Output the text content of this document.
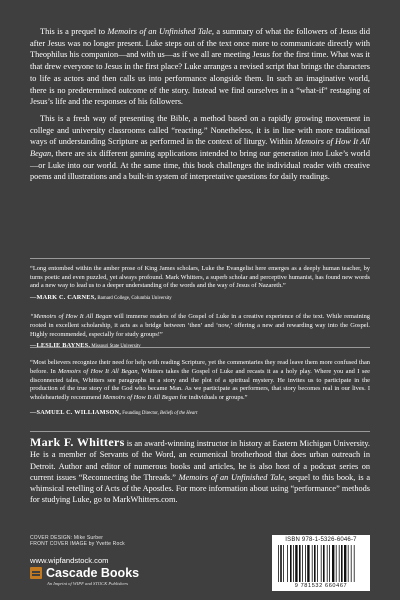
This is a prequel to Memoirs of an Unfinished Tale, a summary of what the followers of Jesus did after Jesus was no longer present. Luke steps out of the text once more to communicate directly with Theophilus his companion—and with us—as if we all are meeting Jesus for the first time. What was it that drew everyone to Jesus in the first place? Luke arranges a revised script that brings the characters to life as actors and then calls us into performance alongside them. In such an imaginative world, there is no predetermined outcome of the story. Instead we find ourselves in a “what-if” restaging of Jesus’s life and the responses of his followers.

This is a fresh way of presenting the Bible, a method based on a rapidly growing movement in college and university classrooms called “reacting.” Nonetheless, it is in line with more traditional ways of understanding Scripture as performed in the context of liturgy. Within Memoirs of How It All Began, there are six different gaming applications intended to bring our generation into Luke’s world—or Luke into our world. At the same time, this book challenges the individual reader with creative poems and illustrations and a built-in system of interpretative questions for daily readings.

“Long entombed within the amber prose of King James scholars, Luke the Evangelist here emerges as a deeply human teacher, by turns poetic and even puzzled, yet always profound. Mark Whitters, a superb scholar and perceptive humanist, has found new words and a new way to lead us to a deeper understanding of the words and the way of Jesus of Nazareth.”

—MARK C. CARNES, Barnard College, Columbia University

“Memoirs of How It All Began will immerse readers of the Gospel of Luke in a creative experience of the text. While remaining rooted in excellent scholarship, it acts as a bridge between ‘then’ and ‘now,’ offering a new and rewarding way into the Gospel. Highly recommended, especially for study groups!”

—LESLIE BAYNES, Missouri State University

“Most believers recognize their need for help with reading Scripture, yet the commentaries they read leave them more confused than before. In Memoirs of How It All Began, Whitters takes the Gospel of Luke and recasts it as a holy play. Where you and I see disconnected tales, Whitters see paragraphs in a story and the plot of a spiritual mystery. He invites us to participate in the production of the true story of the God who became Man. As we participate as performers, that story becomes real in our lives. I wholeheartedly recommend Memoirs of How It All Began for individuals or groups.”

—SAMUEL C. WILLIAMSON, Founding Director, Beliefs of the Heart

Mark F. Whitters is an award-winning instructor in history at Eastern Michigan University. He is a member of Servants of the Word, an ecumenical brotherhood that does urban outreach in Detroit. Author and editor of numerous books and articles, he is also host of a podcast series on current issues “Reconnecting the Threads.” Memoirs of an Unfinished Tale, sequel to this book, is a whimsical retelling of Acts of the Apostles. For more information about using “performance” methods for studying Luke, go to MarkWhitters.com.
COVER DESIGN: Mike Surber
FRONT COVER IMAGE by Yvette Rock
www.wipfandstock.com
Cascade Books
An Imprint of WIPF and STOCK Publishers
ISBN 978-1-5326-6046-7
9 781532 660467
